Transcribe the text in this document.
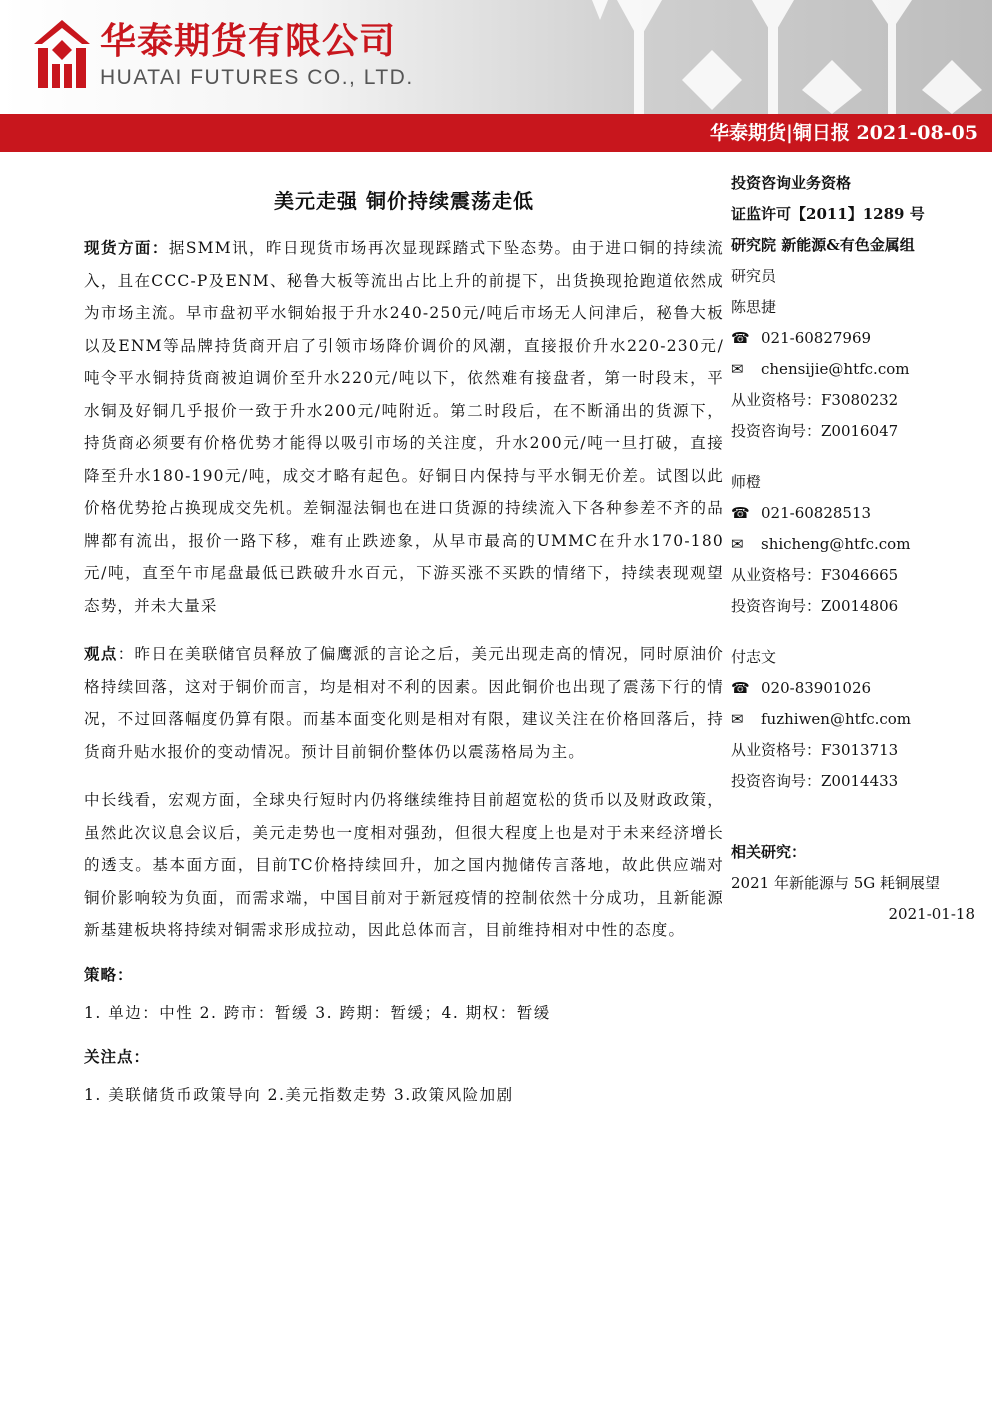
华泰期货有限公司
HUATAI FUTURES CO., LTD.
华泰期货|铜日报 2021-08-05
美元走强 铜价持续震荡走低

现货方面：据SMM讯，昨日现货市场再次显现踩踏式下坠态势。由于进口铜的持续流入，且在CCC-P及ENM、秘鲁大板等流出占比上升的前提下，出货换现抢跑道依然成为市场主流。早市盘初平水铜始报于升水240-250元/吨后市场无人问津后，秘鲁大板以及ENM等品牌持货商开启了引领市场降价调价的风潮，直接报价升水220-230元/吨令平水铜持货商被迫调价至升水220元/吨以下，依然难有接盘者，第一时段末，平水铜及好铜几乎报价一致于升水200元/吨附近。第二时段后，在不断涌出的货源下，持货商必须要有价格优势才能得以吸引市场的关注度，升水200元/吨一旦打破，直接降至升水180-190元/吨，成交才略有起色。好铜日内保持与平水铜无价差。试图以此价格优势抢占换现成交先机。差铜湿法铜也在进口货源的持续流入下各种参差不齐的品牌都有流出，报价一路下移，难有止跌迹象，从早市最高的UMMC在升水170-180元/吨，直至午市尾盘最低已跌破升水百元，下游买涨不买跌的情绪下，持续表现观望态势，并未大量采

观点：昨日在美联储官员释放了偏鹰派的言论之后，美元出现走高的情况，同时原油价格持续回落，这对于铜价而言，均是相对不利的因素。因此铜价也出现了震荡下行的情况，不过回落幅度仍算有限。而基本面变化则是相对有限，建议关注在价格回落后，持货商升贴水报价的变动情况。预计目前铜价整体仍以震荡格局为主。

中长线看，宏观方面，全球央行短时内仍将继续维持目前超宽松的货币以及财政政策，虽然此次议息会议后，美元走势也一度相对强劲，但很大程度上也是对于未来经济增长的透支。基本面方面，目前TC价格持续回升，加之国内抛储传言落地，故此供应端对铜价影响较为负面，而需求端，中国目前对于新冠疫情的控制依然十分成功，且新能源新基建板块将持续对铜需求形成拉动，因此总体而言，目前维持相对中性的态度。

策略：
1. 单边：中性 2. 跨市：暂缓 3. 跨期：暂缓；4. 期权：暂缓
关注点：
1. 美联储货币政策导向 2.美元指数走势 3.政策风险加剧
投资咨询业务资格
证监许可【2011】1289 号
研究院 新能源&有色金属组
研究员
陈思捷
☎ 021-60827969
✉ chensijie@htfc.com
从业资格号：F3080232
投资咨询号：Z0016047
师橙
☎ 021-60828513
✉ shicheng@htfc.com
从业资格号：F3046665
投资咨询号：Z0014806
付志文
☎ 020-83901026
✉ fuzhiwen@htfc.com
从业资格号：F3013713
投资咨询号：Z0014433
相关研究：
2021 年新能源与 5G 耗铜展望
2021-01-18
